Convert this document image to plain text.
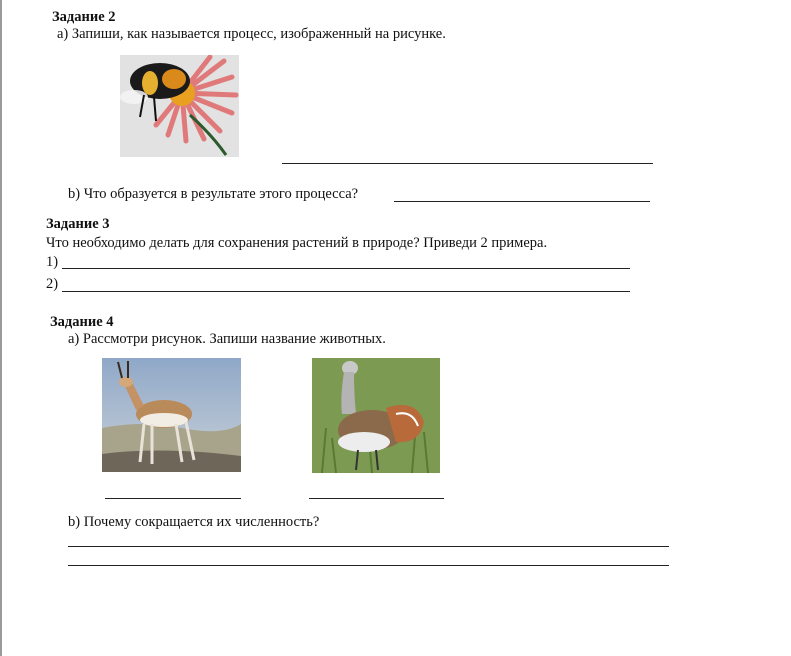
Задание 2
a) Запиши, как называется процесс, изображенный на рисунке.
b) Что образуется в результате этого процесса?
Задание 3
Что необходимо делать для сохранения растений в природе? Приведи 2 примера.
1)
2)
Задание 4
a) Рассмотри рисунок. Запиши название животных.
b) Почему сокращается их численность?
